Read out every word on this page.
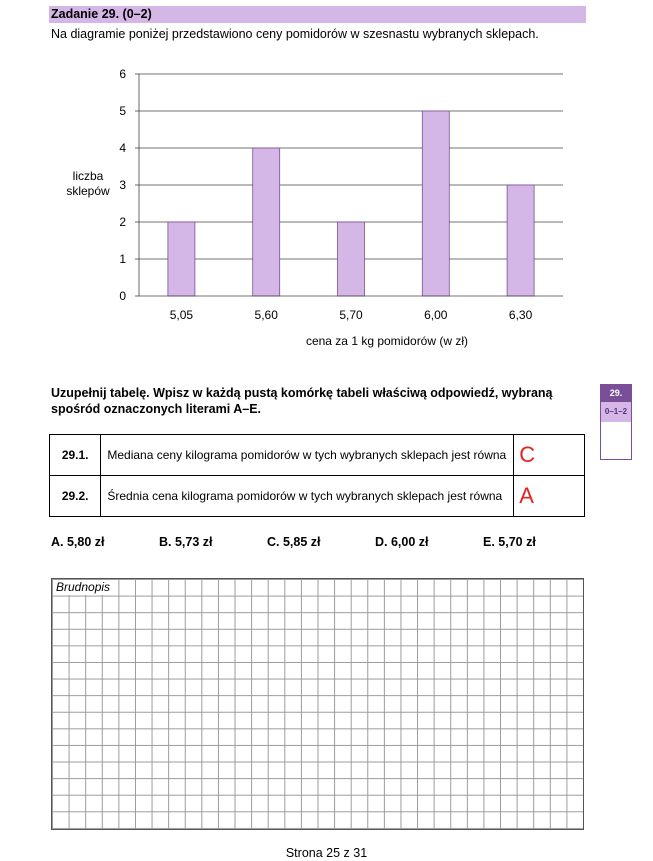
Zadanie 29. (0–2)
Na diagramie poniżej przedstawiono ceny pomidorów w szesnastu wybranych sklepach.
0
1
2
3
4
5
6
5,05	5,60	5,70	6,00	6,30
liczba
sklepów
cena za 1 kg pomidorów (w zł)
Uzupełnij tabelę. Wpisz w każdą pustą komórkę tabeli właściwą odpowiedź, wybraną spośród oznaczonych literami A–E.
29.
0–1–2
29.1.	Mediana ceny kilograma pomidorów w tych wybranych sklepach jest równa	C
29.2.	Średnia cena kilograma pomidorów w tych wybranych sklepach jest równa	A
A. 5,80 zł	B. 5,73 zł	C. 5,85 zł	D. 6,00 zł	E. 5,70 zł
Brudnopis
Strona 25 z 31
